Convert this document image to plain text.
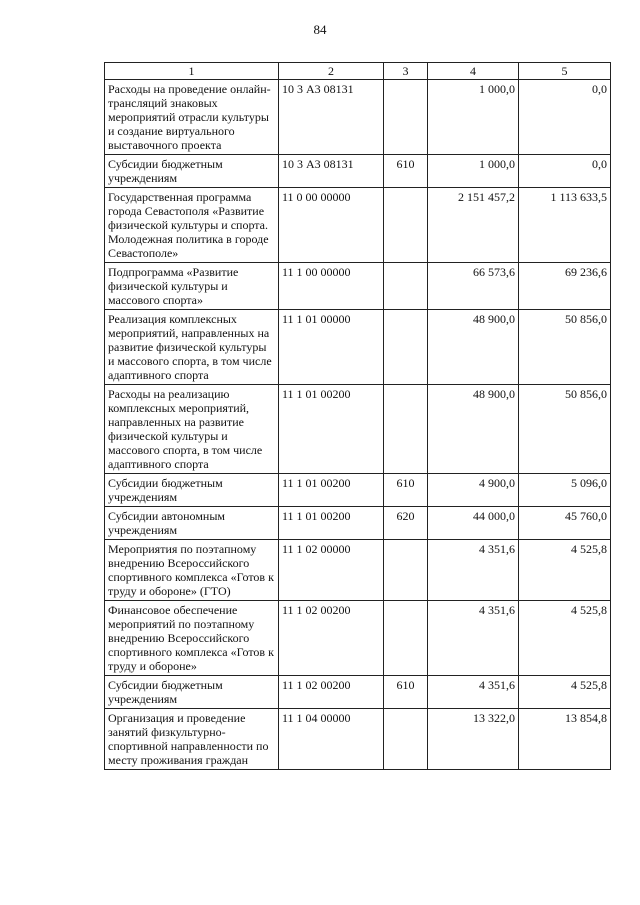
84
1	2	3	4	5
Расходы на проведение онлайн-трансляций знаковых мероприятий отрасли культуры и создание виртуального выставочного проекта	10 3 А3 08131		1 000,0	0,0
Субсидии бюджетным учреждениям	10 3 А3 08131	610	1 000,0	0,0
Государственная программа города Севастополя «Развитие физической культуры и спорта. Молодежная политика в городе Севастополе»	11 0 00 00000		2 151 457,2	1 113 633,5
Подпрограмма «Развитие физической культуры и массового спорта»	11 1 00 00000		66 573,6	69 236,6
Реализация комплексных мероприятий, направленных на развитие физической культуры и массового спорта, в том числе адаптивного спорта	11 1 01 00000		48 900,0	50 856,0
Расходы на реализацию комплексных мероприятий, направленных на развитие физической культуры и массового спорта, в том числе адаптивного спорта	11 1 01 00200		48 900,0	50 856,0
Субсидии бюджетным учреждениям	11 1 01 00200	610	4 900,0	5 096,0
Субсидии автономным учреждениям	11 1 01 00200	620	44 000,0	45 760,0
Мероприятия по поэтапному внедрению Всероссийского спортивного комплекса «Готов к труду и обороне» (ГТО)	11 1 02 00000		4 351,6	4 525,8
Финансовое обеспечение мероприятий по поэтапному внедрению Всероссийского спортивного комплекса «Готов к труду и обороне»	11 1 02 00200		4 351,6	4 525,8
Субсидии бюджетным учреждениям	11 1 02 00200	610	4 351,6	4 525,8
Организация и проведение занятий физкультурно-спортивной направленности по месту проживания граждан	11 1 04 00000		13 322,0	13 854,8
